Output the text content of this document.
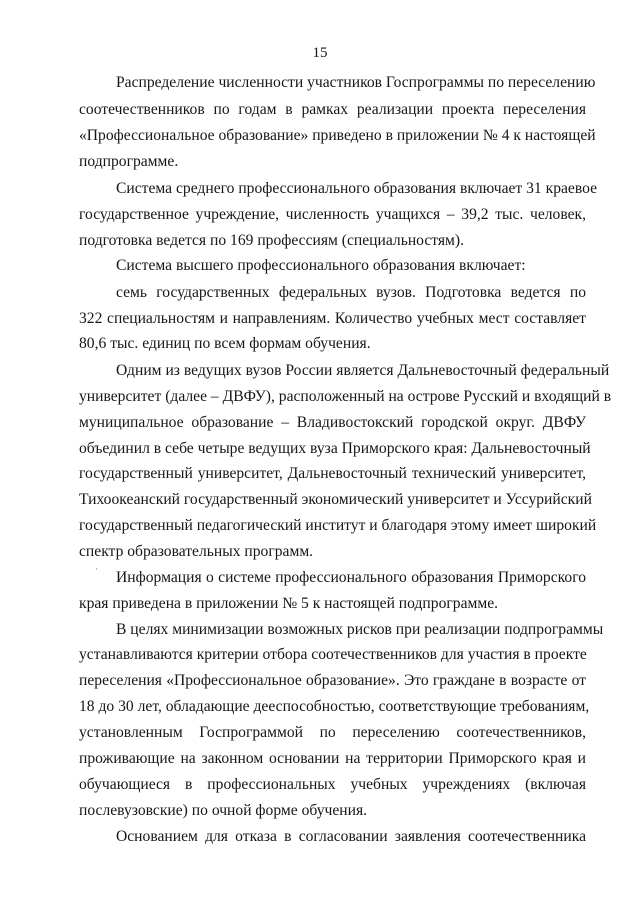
15
Распределение численности участников Госпрограммы по переселению
соотечественников по годам в рамках реализации проекта переселения
«Профессиональное образование» приведено в приложении № 4 к настоящей
подпрограмме.
Система среднего профессионального образования включает 31 краевое
государственное учреждение, численность учащихся – 39,2 тыс. человек,
подготовка ведется по 169 профессиям (специальностям).
Система высшего профессионального образования включает:
семь государственных федеральных вузов. Подготовка ведется по
322 специальностям и направлениям. Количество учебных мест составляет
80,6 тыс. единиц по всем формам обучения.
Одним из ведущих вузов России является Дальневосточный федеральный
университет (далее – ДВФУ), расположенный на острове Русский и входящий в
муниципальное образование – Владивостокский городской округ. ДВФУ
объединил в себе четыре ведущих вуза Приморского края: Дальневосточный
государственный университет, Дальневосточный технический университет,
Тихоокеанский государственный экономический университет и Уссурийский
государственный педагогический институт и благодаря этому имеет широкий
спектр образовательных программ.
Информация о системе профессионального образования Приморского
края приведена в приложении № 5 к настоящей подпрограмме.
В целях минимизации возможных рисков при реализации подпрограммы
устанавливаются критерии отбора соотечественников для участия в проекте
переселения «Профессиональное образование». Это граждане в возрасте от
18 до 30 лет, обладающие дееспособностью, соответствующие требованиям,
установленным Госпрограммой по переселению соотечественников,
проживающие на законном основании на территории Приморского края и
обучающиеся в профессиональных учебных учреждениях (включая
послевузовские) по очной форме обучения.
Основанием для отказа в согласовании заявления соотечественника
